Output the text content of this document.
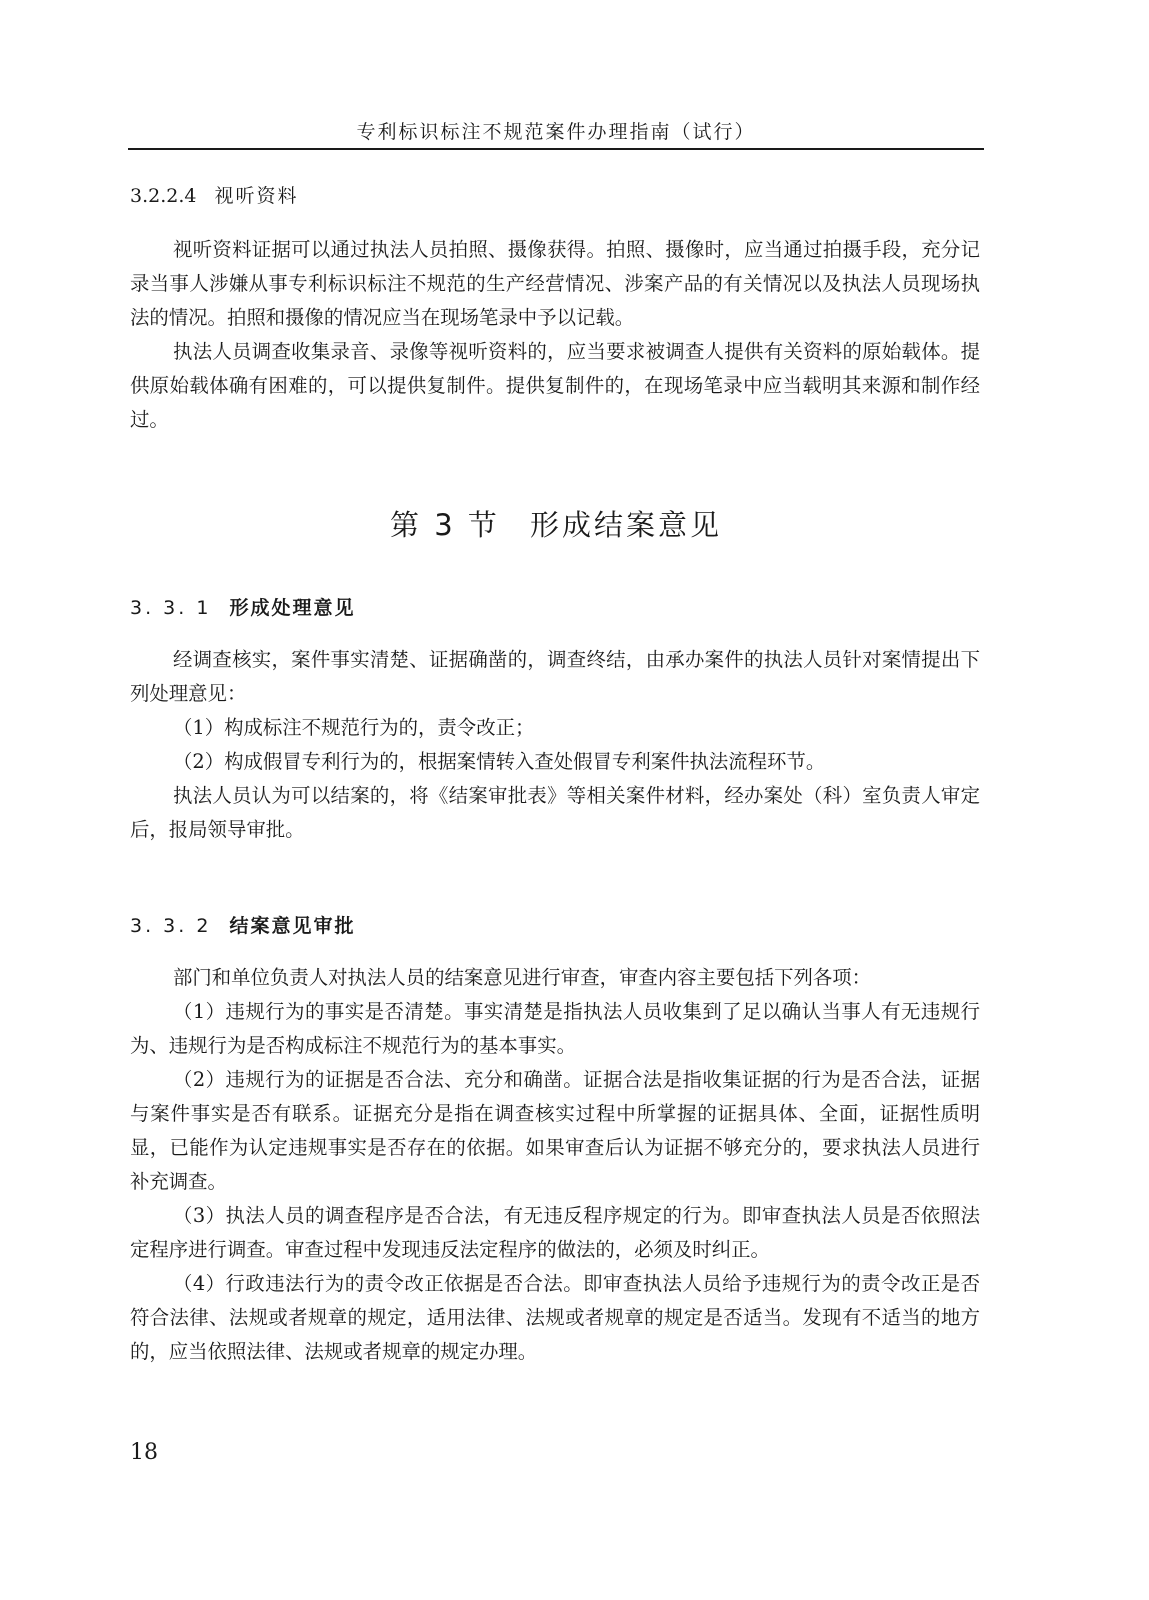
专利标识标注不规范案件办理指南（试行）
3.2.2.4 视听资料

视听资料证据可以通过执法人员拍照、摄像获得。拍照、摄像时，应当通过拍摄手段，充分记录当事人涉嫌从事专利标识标注不规范的生产经营情况、涉案产品的有关情况以及执法人员现场执法的情况。拍照和摄像的情况应当在现场笔录中予以记载。

执法人员调查收集录音、录像等视听资料的，应当要求被调查人提供有关资料的原始载体。提供原始载体确有困难的，可以提供复制件。提供复制件的，在现场笔录中应当载明其来源和制作经过。

第 3 节 形成结案意见
3. 3. 1 形成处理意见

经调查核实，案件事实清楚、证据确凿的，调查终结，由承办案件的执法人员针对案情提出下列处理意见：

（1）构成标注不规范行为的，责令改正；

（2）构成假冒专利行为的，根据案情转入查处假冒专利案件执法流程环节。

执法人员认为可以结案的，将《结案审批表》等相关案件材料，经办案处（科）室负责人审定后，报局领导审批。

3. 3. 2 结案意见审批

部门和单位负责人对执法人员的结案意见进行审查，审查内容主要包括下列各项：

（1）违规行为的事实是否清楚。事实清楚是指执法人员收集到了足以确认当事人有无违规行为、违规行为是否构成标注不规范行为的基本事实。

（2）违规行为的证据是否合法、充分和确凿。证据合法是指收集证据的行为是否合法，证据与案件事实是否有联系。证据充分是指在调查核实过程中所掌握的证据具体、全面，证据性质明显，已能作为认定违规事实是否存在的依据。如果审查后认为证据不够充分的，要求执法人员进行补充调查。

（3）执法人员的调查程序是否合法，有无违反程序规定的行为。即审查执法人员是否依照法定程序进行调查。审查过程中发现违反法定程序的做法的，必须及时纠正。

（4）行政违法行为的责令改正依据是否合法。即审查执法人员给予违规行为的责令改正是否符合法律、法规或者规章的规定，适用法律、法规或者规章的规定是否适当。发现有不适当的地方的，应当依照法律、法规或者规章的规定办理。

18
